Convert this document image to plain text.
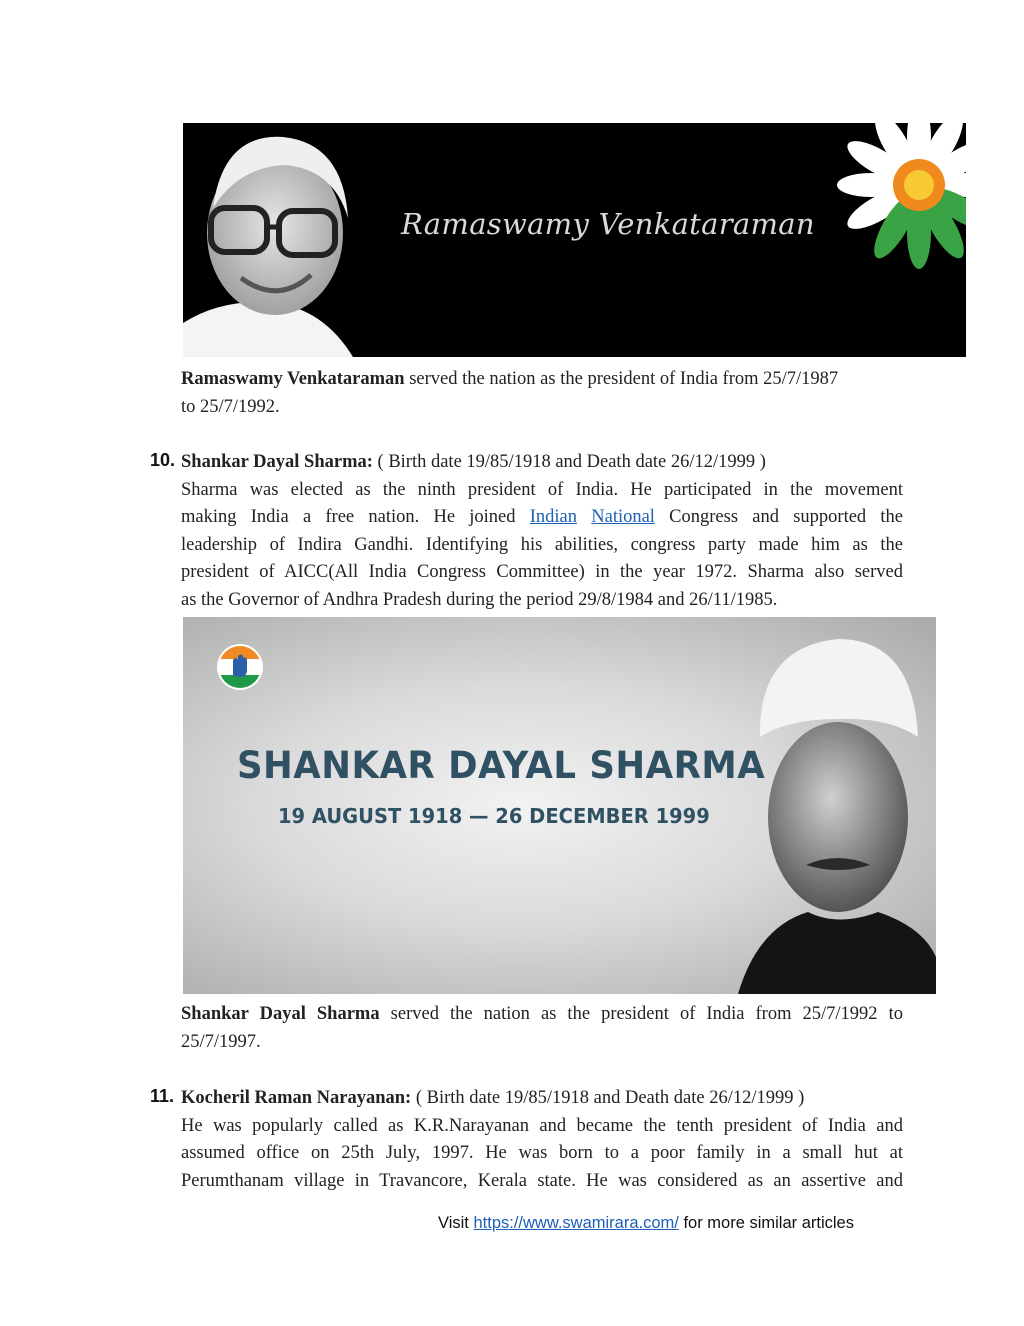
Ramaswamy Venkataraman

Ramaswamy Venkataraman served the nation as the president of India from 25/7/1987

to 25/7/1992.

10. Shankar Dayal Sharma: ( Birth date 19/85/1918 and Death date 26/12/1999 )

Sharma was elected as the ninth president of India. He participated in the movement

making India a free nation. He joined Indian National Congress and supported the

leadership of Indira Gandhi. Identifying his abilities, congress party made him as the

president of AICC(All India Congress Committee) in the year 1972. Sharma also served

as the Governor of Andhra Pradesh during the period 29/8/1984 and 26/11/1985.

SHANKAR DAYAL SHARMA
19 AUGUST 1918 — 26 DECEMBER 1999

Shankar Dayal Sharma served the nation as the president of India from 25/7/1992 to

25/7/1997.

11. Kocheril Raman Narayanan: ( Birth date 19/85/1918 and Death date 26/12/1999 )

He was popularly called as K.R.Narayanan and became the tenth president of India and

assumed office on 25th July, 1997. He was born to a poor family in a small hut at

Perumthanam village in Travancore, Kerala state. He was considered as an assertive and

Visit https://www.swamirara.com/ for more similar articles
